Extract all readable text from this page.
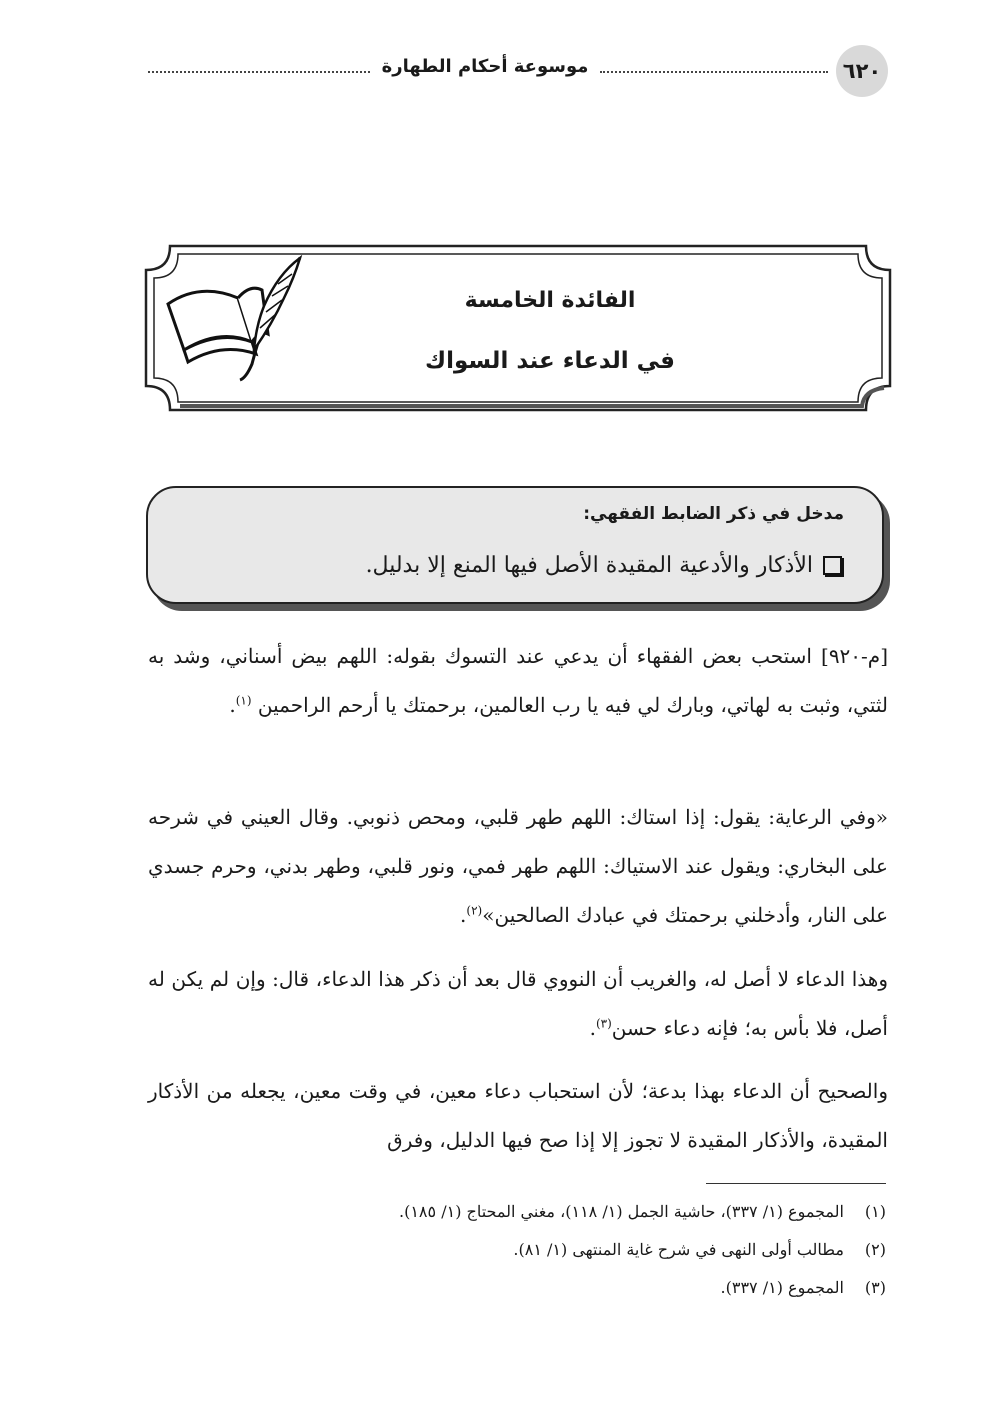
٦٢٠
موسوعة أحكام الطهارة
الفائدة الخامسة
في الدعاء عند السواك
مدخل في ذكر الضابط الفقهي:
الأذكار والأدعية المقيدة الأصل فيها المنع إلا بدليل.

[م-٩٢٠] استحب بعض الفقهاء أن يدعي عند التسوك بقوله: اللهم بيض أسناني، وشد به لثتي، وثبت به لهاتي، وبارك لي فيه يا رب العالمين، برحمتك يا أرحم الراحمين $^{(١)}$.

«وفي الرعاية: يقول: إذا استاك: اللهم طهر قلبي، ومحص ذنوبي. وقال العيني في شرحه على البخاري: ويقول عند الاستياك: اللهم طهر فمي، ونور قلبي، وطهر بدني، وحرم جسدي على النار، وأدخلني برحمتك في عبادك الصالحين»$^{(٢)}$.

وهذا الدعاء لا أصل له، والغريب أن النووي قال بعد أن ذكر هذا الدعاء، قال: وإن لم يكن له أصل، فلا بأس به؛ فإنه دعاء حسن$^{(٣)}$.

والصحيح أن الدعاء بهذا بدعة؛ لأن استحباب دعاء معين، في وقت معين، يجعله من الأذكار المقيدة، والأذكار المقيدة لا تجوز إلا إذا صح فيها الدليل، وفرق

(١)المجموع (١/ ٣٣٧)، حاشية الجمل (١/ ١١٨)، مغني المحتاج (١/ ١٨٥).
(٢)مطالب أولى النهى في شرح غاية المنتهى (١/ ٨١).
(٣)المجموع (١/ ٣٣٧).
